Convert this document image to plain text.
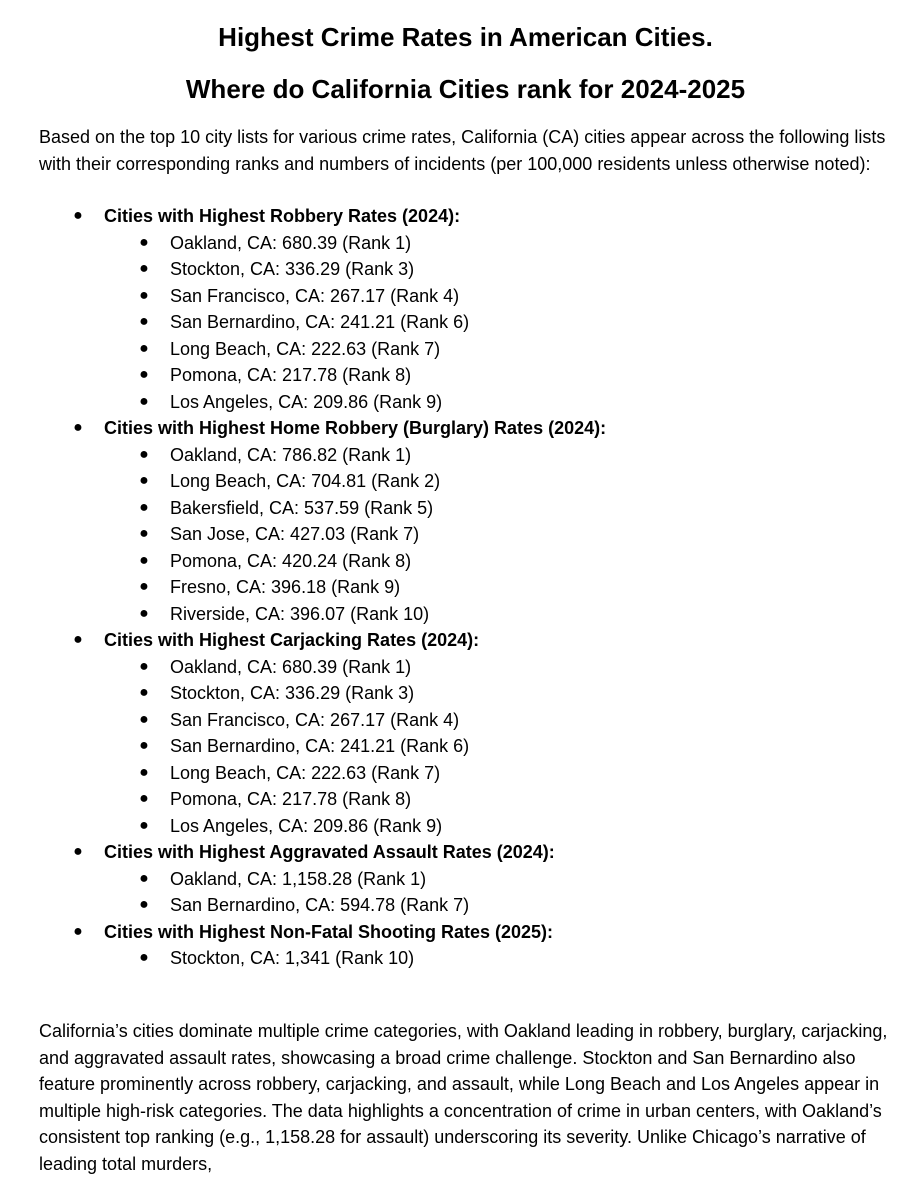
Highest Crime Rates in American Cities.
Where do California Cities rank for 2024-2025

Based on the top 10 city lists for various crime rates, California (CA) cities appear across the following lists with their corresponding ranks and numbers of incidents (per 100,000 residents unless otherwise noted):

● Cities with Highest Robbery Rates (2024):
● Oakland, CA: 680.39 (Rank 1)
● Stockton, CA: 336.29 (Rank 3)
● San Francisco, CA: 267.17 (Rank 4)
● San Bernardino, CA: 241.21 (Rank 6)
● Long Beach, CA: 222.63 (Rank 7)
● Pomona, CA: 217.78 (Rank 8)
● Los Angeles, CA: 209.86 (Rank 9)
● Cities with Highest Home Robbery (Burglary) Rates (2024):
● Oakland, CA: 786.82 (Rank 1)
● Long Beach, CA: 704.81 (Rank 2)
● Bakersfield, CA: 537.59 (Rank 5)
● San Jose, CA: 427.03 (Rank 7)
● Pomona, CA: 420.24 (Rank 8)
● Fresno, CA: 396.18 (Rank 9)
● Riverside, CA: 396.07 (Rank 10)
● Cities with Highest Carjacking Rates (2024):
● Oakland, CA: 680.39 (Rank 1)
● Stockton, CA: 336.29 (Rank 3)
● San Francisco, CA: 267.17 (Rank 4)
● San Bernardino, CA: 241.21 (Rank 6)
● Long Beach, CA: 222.63 (Rank 7)
● Pomona, CA: 217.78 (Rank 8)
● Los Angeles, CA: 209.86 (Rank 9)
● Cities with Highest Aggravated Assault Rates (2024):
● Oakland, CA: 1,158.28 (Rank 1)
● San Bernardino, CA: 594.78 (Rank 7)
● Cities with Highest Non-Fatal Shooting Rates (2025):
● Stockton, CA: 1,341 (Rank 10)

California’s cities dominate multiple crime categories, with Oakland leading in robbery, burglary, carjacking, and aggravated assault rates, showcasing a broad crime challenge. Stockton and San Bernardino also feature prominently across robbery, carjacking, and assault, while Long Beach and Los Angeles appear in multiple high-risk categories. The data highlights a concentration of crime in urban centers, with Oakland’s consistent top ranking (e.g., 1,158.28 for assault) underscoring its severity. Unlike Chicago’s narrative of leading total murders,
